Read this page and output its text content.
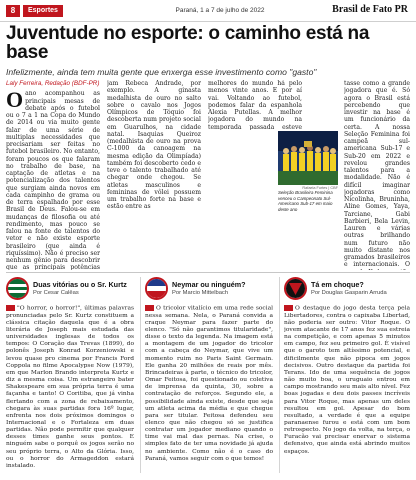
8	Esportes	Paraná, 1 a 7 de julho de 2022	Brasil de Fato PR
Juventude no esporte: o caminho está na base
Infelizmente, ainda tem muita gente que enxerga esse investimento como "gasto"
Laly Ferreira, Redação (BDF-PR)

Oano acompanhou as principais mesas de debate após o futebol ou o 7 a 1 na Copa do Mundo de 2014 ou via muito gente falar de uma série de multiplas necessidades que precisariam ser feitas no futebol brasileiro. No entanto, foram poucos os que falaram no trabalho de base, na captação de atletas e na potencialização dos talentos que surgiam ainda novos em cada campinho de grama ou de terra espalhado por esse Brasil de Deus. Falou-se em mudanças de filosofia ou até rendimento, mas pouco se falou na fonte de talentos do vetor e não existe esporte brasileiro (que ainda é riquíssimo). Não é preciso ser nenhum gênio para descobrir que as principais potências

jam Rebeca Andrade, por exemplo. A ginasta medalhista de ouro no salto sobre o cavalo nos Jogos Olímpicos de Tóquio foi descoberta num projeto social em Guarulhos, na cidade natal. Isaquias Queiroz (medalhista de ouro na prova C-1000 da canoagem na mesma edição da Olimpíada) também foi descoberto cedo e teve o talento trabalhado até chegar onde chegou. Se atletas masculinos e femininas de vôlei possuem um trabalho forte na base e estão entre as

melhores do mundo há pelo menos vinte anos. E por aí vai. Voltando ao futebol, podemos falar da espanhola Alexia Putellas. A melhor jogadora do mundo na temporada passada esteve

Rafaela Furtes | CBF
Seleção Brasileira Feminina venceu o Campeonato Sul-Americano Sub-17 em maio deste ano

tasse como a grande jogadora que é. Só agora o Brasil está percebendo que investir na base é um funcionário da certa. A nossa Seleção Feminina foi campeã sul-americana Sub-17 e Sub-20 em 2022 e revelou grandes talentos para a modalidade. Não é difícil imaginar jogadoras como Nicolinha, Bruninha, Aline Gomes, Yaya, Tarciane, Gabi Barbieri, Bela Levin, Lauren e várias outras brilhando num futuro não muito distante nos gramados brasileiros e internacionais. O

Duas vitórias ou o Sr. Kurtz
Por Cesar Calêas
"O horror, o horror!", últimas palavras pronunciadas pelo Sr. Kurtz constituem a clássica citação daquela que é a obra literária de Joseph mais estudada das universidades inglesas de todos os tempos: O Coração das Trevas (1899), do polonês Joseph Konrad Korzeniowski e levou quase pro cinema por Francis Ford Coppola no filme Apocalypse Now (1979), em que Marlon Brando interpreta Kurtz e diz a mesma coisa. Um estrangeiro bater Shakespeare em sua própria terra é uma façanha e tanto! O Coritiba, que já vinha flertando com a zona de rebaixamento, chegara às suas partidas fora 16º lugar, enfrenta nos dois próximos domingos o Internacional e o Fortaleza em duas partidas. Não pode permitir que qualquer desses times ganhe seus pontos. E ninguém sabe o porquê os jogos serão no seu próprio terra, o Alto da Glória. Isso, ou o horror do Armageddon estará instalado.
Neymar ou ninguém?
Por Marcio Mittelbach
O tricolor vitalício em uma rede social nessa semana. Nela, o Paraná convida a craque Neymar para fazer parte do elenco. "Só não garantimos titularidade", disse o texto da legenda. Na imagem está a montagem de um jogador do tricolor com a cabeça do Neymar, que vive um momento ruim no Paris Saint Germain. Ele ganha 20 milhões de reais por mês. Brincadeiras à parte, o técnico do tricolor, Omar Feitosa, foi questionado ou coletiva de imprensa da quinta, 30, sobre a contratação de reforços. Segundo ele, a possibilidade ainda existe, desde que seja um atleta acima da média e que chegue para ser titular. Feitosa defendeu seu elenco que não chegou só se justifica contratar um jogador mediano quando o time vai mal das pernas. Na crise, o simples fato de ter uma novidade já ajuda no ambiente. Como não é o caso do Paraná, vamos seguir com o que temos!
Tá em choque?
Por Douglas Gasparin Arruda
O destaque do jogo desta terça pela Libertadores, contra o capixaba Libertad, não poderia ser outro: Vitor Roque. O jovem atacante de 17 anos fez sua estreia na competição, e com apenas 5 minutos em campo, fez seu primeiro gol. É visível que o garoto tem altíssimo potencial, e dificilmente que não pipoca em jogos decisivos. Outro destaque da partida foi Terans. Ido de uma sequência de jogos não muito boa, o uruguaio entrou em campo mostrando seu mais alto nível. Fez boas jogadas e deu dois passes incríveis para Vitor Roque, mas apenas um deles resultou em gol. Apesar do bom resultado, a verdade é que a equipe paranaense furou e está com um bom retrospecto. No jogo da volta, na terça, o Furacão vai precisar enervar o sistema defensivo, que ainda está abrindo muitos espaços.
